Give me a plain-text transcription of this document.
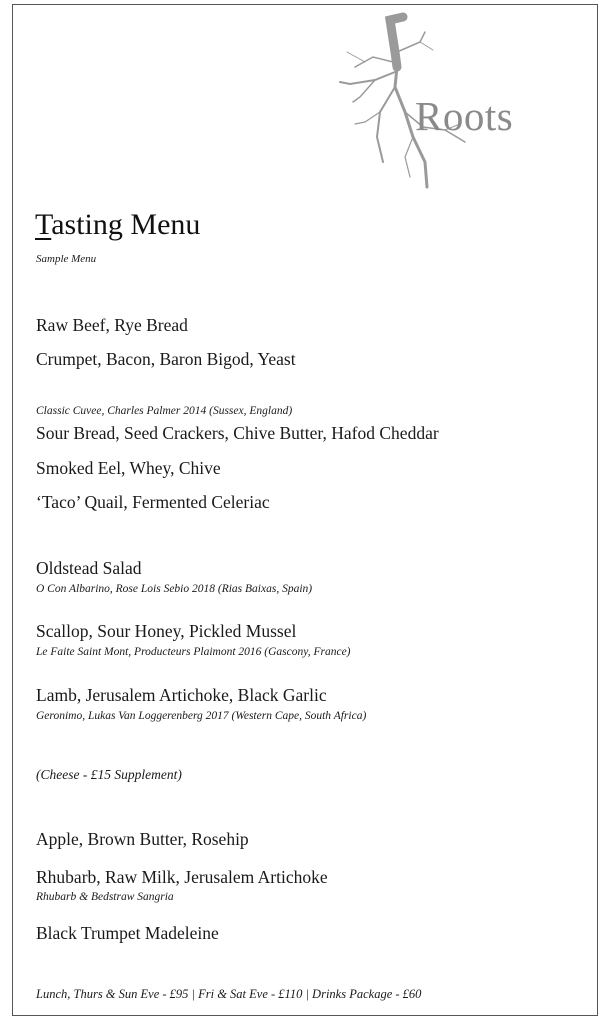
Roots
Tasting Menu
Sample Menu
Raw Beef, Rye Bread
Crumpet, Bacon, Baron Bigod, Yeast
Classic Cuvee, Charles Palmer 2014 (Sussex, England)
Sour Bread, Seed Crackers, Chive Butter, Hafod Cheddar
Smoked Eel, Whey, Chive
‘Taco’ Quail, Fermented Celeriac
Oldstead Salad
O Con Albarino, Rose Lois Sebio 2018 (Rias Baixas, Spain)
Scallop, Sour Honey, Pickled Mussel
Le Faite Saint Mont, Producteurs Plaimont 2016 (Gascony, France)
Lamb, Jerusalem Artichoke, Black Garlic
Geronimo, Lukas Van Loggerenberg 2017 (Western Cape, South Africa)
(Cheese - £15 Supplement)
Apple, Brown Butter, Rosehip
Rhubarb, Raw Milk, Jerusalem Artichoke
Rhubarb & Bedstraw Sangria
Black Trumpet Madeleine
Lunch, Thurs & Sun Eve - £95 | Fri & Sat Eve - £110 | Drinks Package - £60
